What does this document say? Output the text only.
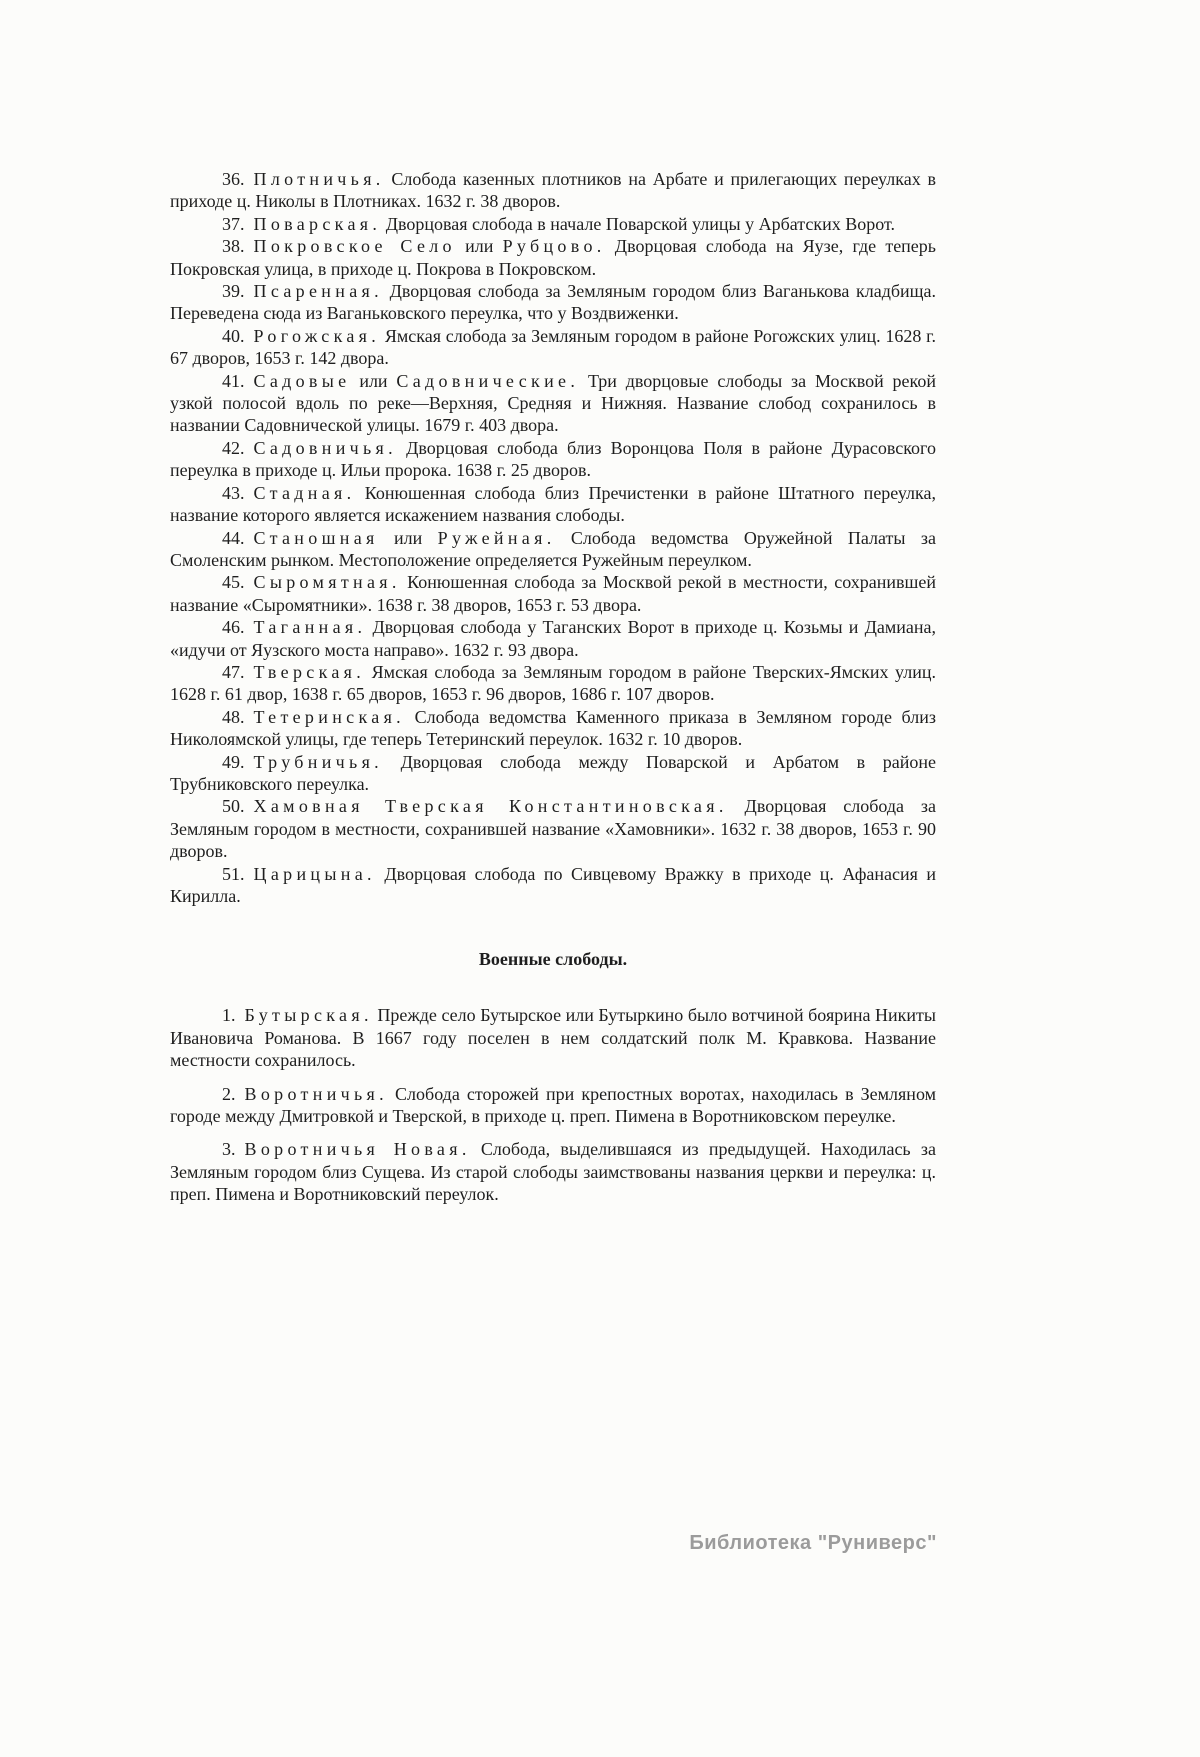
36. Плотничья. Слобода казенных плотников на Арбате и прилегающих переулках в приходе ц. Николы в Плотниках. 1632 г. 38 дворов.

37. Поварская. Дворцовая слобода в начале Поварской улицы у Арбатских Ворот.

38. Покровское Село или Рубцово. Дворцовая слобода на Яузе, где теперь Покровская улица, в приходе ц. Покрова в Покровском.

39. Псаренная. Дворцовая слобода за Земляным городом близ Ваганькова кладбища. Переведена сюда из Ваганьковского переулка, что у Воздвиженки.

40. Рогожская. Ямская слобода за Земляным городом в районе Рогожских улиц. 1628 г. 67 дворов, 1653 г. 142 двора.

41. Садовые или Садовнические. Три дворцовые слободы за Москвой рекой узкой полосой вдоль по реке—Верхняя, Средняя и Нижняя. Название слобод сохранилось в названии Садовнической улицы. 1679 г. 403 двора.

42. Садовничья. Дворцовая слобода близ Воронцова Поля в районе Дурасовского переулка в приходе ц. Ильи пророка. 1638 г. 25 дворов.

43. Стадная. Конюшенная слобода близ Пречистенки в районе Штатного переулка, название которого является искажением названия слободы.

44. Станошная или Ружейная. Слобода ведомства Оружейной Палаты за Смоленским рынком. Местоположение определяется Ружейным переулком.

45. Сыромятная. Конюшенная слобода за Москвой рекой в местности, сохранившей название «Сыромятники». 1638 г. 38 дворов, 1653 г. 53 двора.

46. Таганная. Дворцовая слобода у Таганских Ворот в приходе ц. Козьмы и Дамиана, «идучи от Яузского моста направо». 1632 г. 93 двора.

47. Тверская. Ямская слобода за Земляным городом в районе Тверских-Ямских улиц. 1628 г. 61 двор, 1638 г. 65 дворов, 1653 г. 96 дворов, 1686 г. 107 дворов.

48. Тетеринская. Слобода ведомства Каменного приказа в Земляном городе близ Николоямской улицы, где теперь Тетеринский переулок. 1632 г. 10 дворов.

49. Трубничья. Дворцовая слобода между Поварской и Арбатом в районе Трубниковского переулка.

50. Хамовная Тверская Константиновская. Дворцовая слобода за Земляным городом в местности, сохранившей название «Хамовники». 1632 г. 38 дворов, 1653 г. 90 дворов.

51. Царицына. Дворцовая слобода по Сивцевому Вражку в приходе ц. Афанасия и Кирилла.

Военные слободы.

1. Бутырская. Прежде село Бутырское или Бутыркино было вотчиной боярина Никиты Ивановича Романова. В 1667 году поселен в нем солдатский полк М. Кравкова. Название местности сохранилось.

2. Воротничья. Слобода сторожей при крепостных воротах, находилась в Земляном городе между Дмитровкой и Тверской, в приходе ц. преп. Пимена в Воротниковском переулке.

3. Воротничья Новая. Слобода, выделившаяся из предыдущей. Находилась за Земляным городом близ Сущева. Из старой слободы заимствованы названия церкви и переулка: ц. преп. Пимена и Воротниковский переулок.

Библиотека "Руниверс"
